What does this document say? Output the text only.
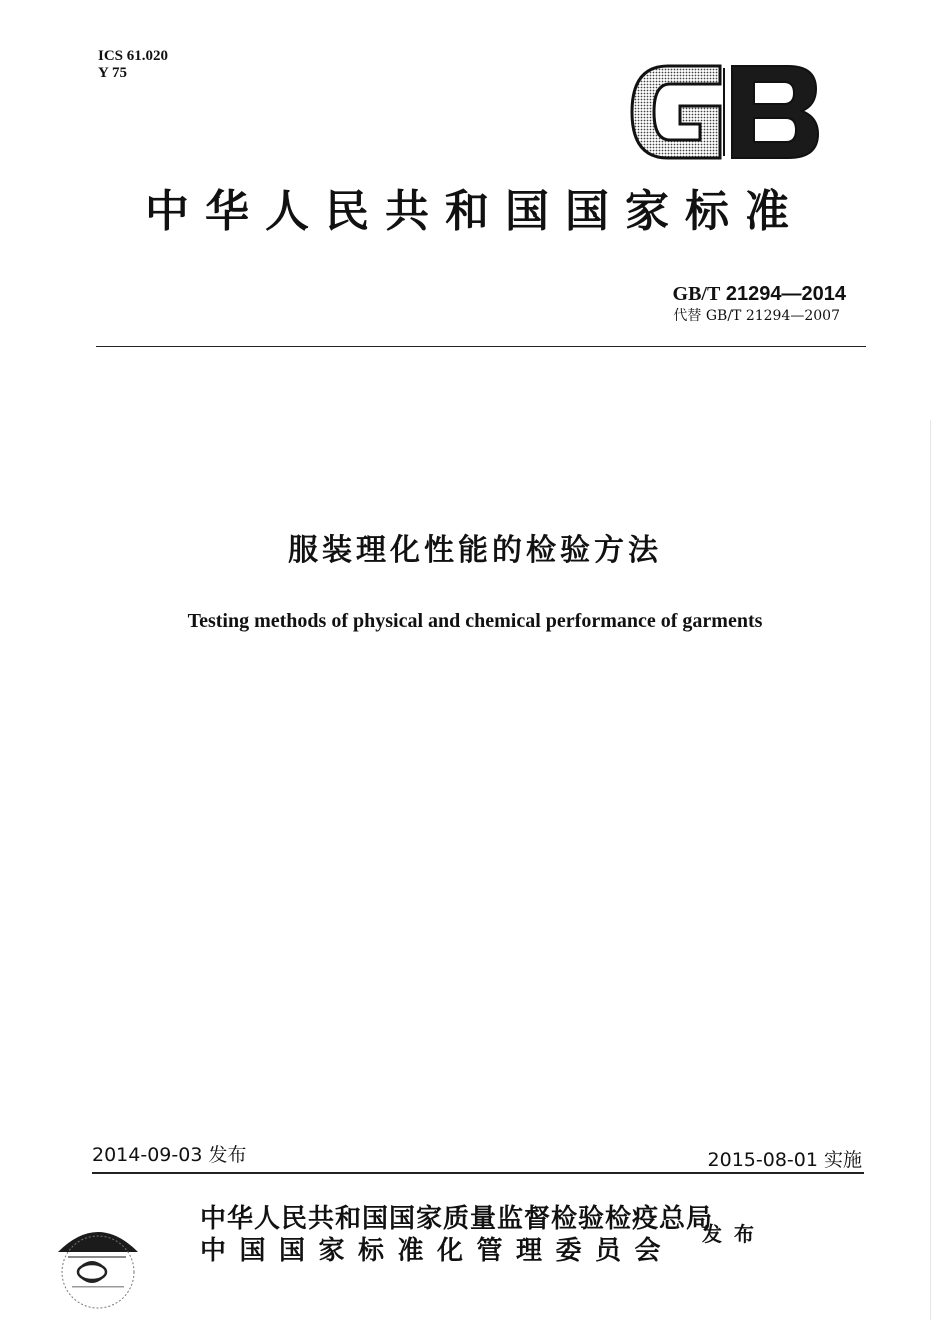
ICS 61.020
Y 75
中华人民共和国国家标准
GB/T 21294—2014
代替 GB/T 21294—2007
服装理化性能的检验方法
Testing methods of physical and chemical performance of garments
2014-09-03 发布	2015-08-01 实施
中华人民共和国国家质量监督检验检疫总局
中国国家标准化管理委员会
发布
